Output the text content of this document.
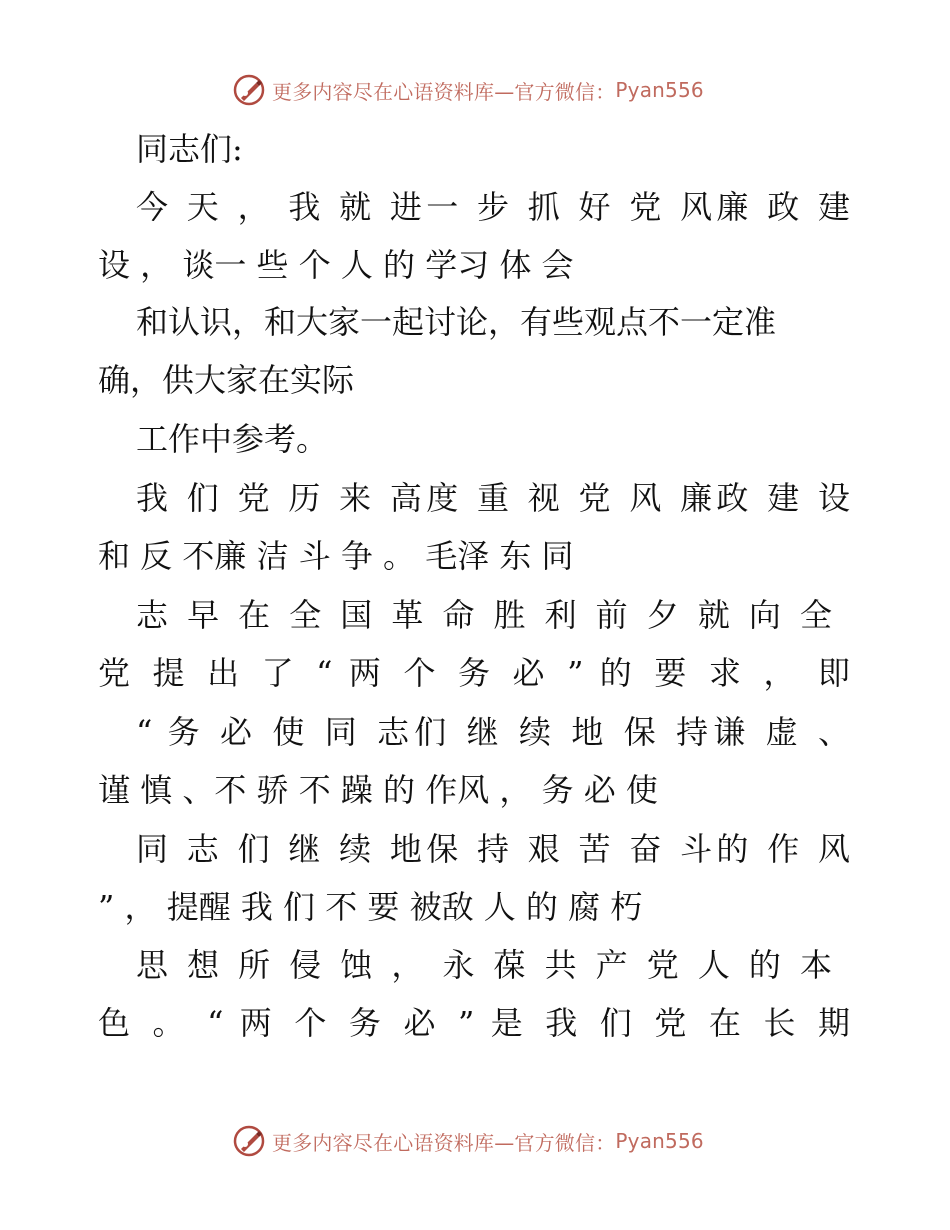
更多内容尽在心语资料库—官方微信： Pyan556
同志们:
今 天 ， 我 就 进一 步 抓 好 党 风廉 政 建
设 ， 谈一 些 个 人 的 学习 体 会
和认识，和大家一起讨论，有些观点不一定准
确，供大家在实际
工作中参考。
我 们 党 历 来 高度 重 视 党 风 廉政 建 设
和 反 不廉 洁 斗 争 。 毛泽 东 同
志 早 在 全 国 革 命 胜 利 前 夕 就 向 全
党 提 出 了 “ 两 个 务 必 ” 的 要 求 ， 即
“ 务 必 使 同 志们 继 续 地 保 持谦 虚 、
谨 慎 、不 骄 不 躁 的 作风 ， 务 必 使
同 志 们 继 续 地保 持 艰 苦 奋 斗的 作 风
” ， 提醒 我 们 不 要 被敌 人 的 腐 朽
思 想 所 侵 蚀 ， 永 葆 共 产 党 人 的 本
色 。 “ 两 个 务 必 ” 是 我 们 党 在 长 期
更多内容尽在心语资料库—官方微信： Pyan556
